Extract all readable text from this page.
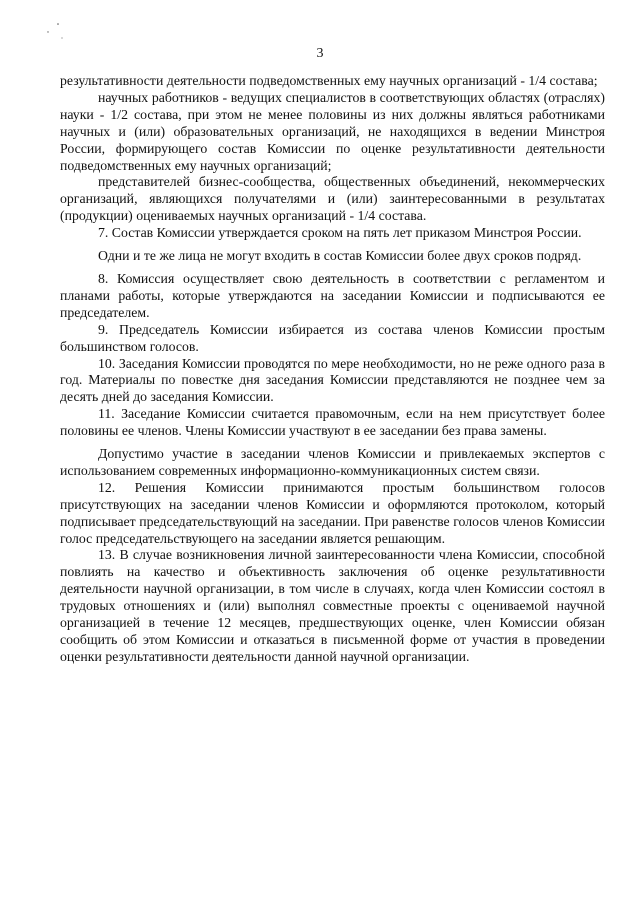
3

результативности деятельности подведомственных ему научных организаций - 1/4 состава;

научных работников - ведущих специалистов в соответствующих областях (отраслях) науки - 1/2 состава, при этом не менее половины из них должны являться работниками научных и (или) образовательных организаций, не находящихся в ведении Минстроя России, формирующего состав Комиссии по оценке результативности деятельности подведомственных ему научных организаций;

представителей бизнес-сообщества, общественных объединений, некоммерческих организаций, являющихся получателями и (или) заинтересованными в результатах (продукции) оцениваемых научных организаций - 1/4 состава.

7. Состав Комиссии утверждается сроком на пять лет приказом Минстроя России.

Одни и те же лица не могут входить в состав Комиссии более двух сроков подряд.

8. Комиссия осуществляет свою деятельность в соответствии с регламентом и планами работы, которые утверждаются на заседании Комиссии и подписываются ее председателем.

9. Председатель Комиссии избирается из состава членов Комиссии простым большинством голосов.

10. Заседания Комиссии проводятся по мере необходимости, но не реже одного раза в год. Материалы по повестке дня заседания Комиссии представляются не позднее чем за десять дней до заседания Комиссии.

11. Заседание Комиссии считается правомочным, если на нем присутствует более половины ее членов. Члены Комиссии участвуют в ее заседании без права замены.

Допустимо участие в заседании членов Комиссии и привлекаемых экспертов с использованием современных информационно-коммуникационных систем связи.

12. Решения Комиссии принимаются простым большинством голосов присутствующих на заседании членов Комиссии и оформляются протоколом, который подписывает председательствующий на заседании. При равенстве голосов членов Комиссии голос председательствующего на заседании является решающим.

13. В случае возникновения личной заинтересованности члена Комиссии, способной повлиять на качество и объективность заключения об оценке результативности деятельности научной организации, в том числе в случаях, когда член Комиссии состоял в трудовых отношениях и (или) выполнял совместные проекты с оцениваемой научной организацией в течение 12 месяцев, предшествующих оценке, член Комиссии обязан сообщить об этом Комиссии и отказаться в письменной форме от участия в проведении оценки результативности деятельности данной научной организации.
